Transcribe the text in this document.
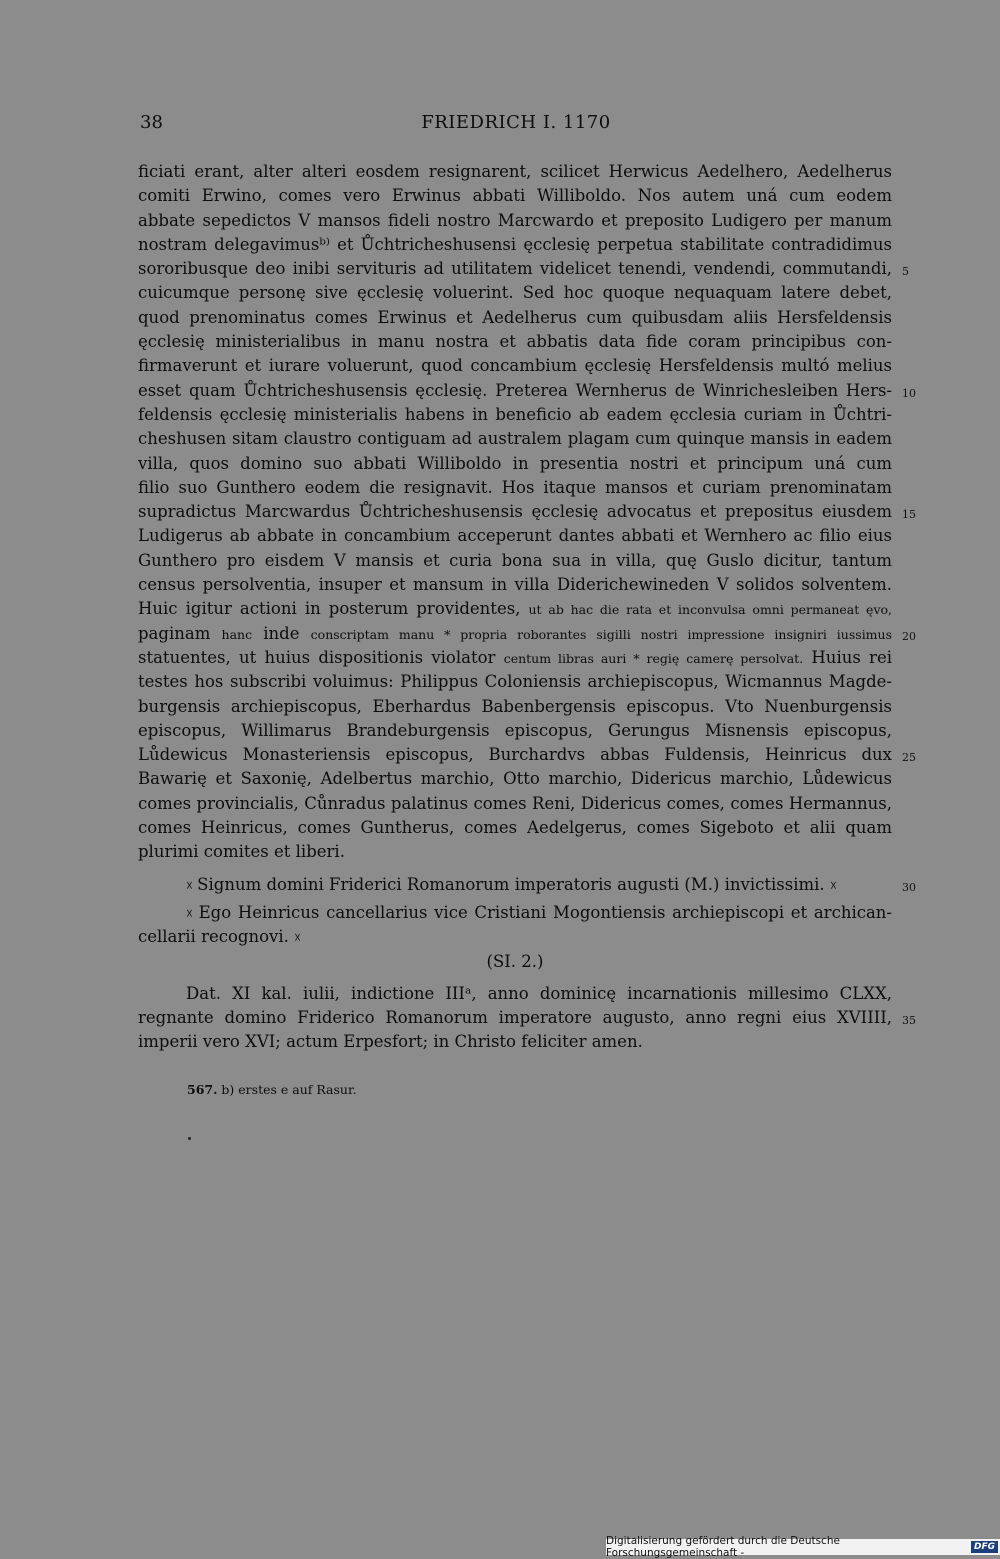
38	FRIEDRICH I. 1170
ficiati erant, alter alteri eosdem resignarent, scilicet Herwicus Aedelhero, Aedelherus
comiti Erwino, comes vero Erwinus abbati Williboldo. Nos autem uná cum eodem
abbate sepedictos V mansos fideli nostro Marcwardo et preposito Ludigero per manum
nostram delegavimusᵇ⁾ et Ůchtricheshusensi ęcclesię perpetua stabilitate contradidimus
sororibusque deo inibi servituris ad utilitatem videlicet tenendi, vendendi, commutandi, 5
cuicumque personę sive ęcclesię voluerint. Sed hoc quoque nequaquam latere debet,
quod prenominatus comes Erwinus et Aedelherus cum quibusdam aliis Hersfeldensis
ęcclesię ministerialibus in manu nostra et abbatis data fide coram principibus con-
firmaverunt et iurare voluerunt, quod concambium ęcclesię Hersfeldensis multó melius
esset quam Ůchtricheshusensis ęcclesię. Preterea Wernherus de Winrichesleiben Hers- 10
feldensis ęcclesię ministerialis habens in beneficio ab eadem ęcclesia curiam in Ůchtri-
cheshusen sitam claustro contiguam ad australem plagam cum quinque mansis in eadem
villa, quos domino suo abbati Williboldo in presentia nostri et principum uná cum
filio suo Gunthero eodem die resignavit. Hos itaque mansos et curiam prenominatam
supradictus Marcwardus Ůchtricheshusensis ęcclesię advocatus et prepositus eiusdem 15
Ludigerus ab abbate in concambium acceperunt dantes abbati et Wernhero ac filio eius
Gunthero pro eisdem V mansis et curia bona sua in villa, quę Guslo dicitur, tantum
census persolventia, insuper et mansum in villa Diderichewineden V solidos solventem.
Huic igitur actioni in posterum providentes, ut ab hac die rata et inconvulsa omni permaneat ęvo,
paginam hanc inde conscriptam manu * propria roborantes sigilli nostri impressione insigniri iussimus 20
statuentes, ut huius dispositionis violator centum libras auri * regię camerę persolvat. Huius rei
testes hos subscribi voluimus: Philippus Coloniensis archiepiscopus, Wicmannus Magde-
burgensis archiepiscopus, Eberhardus Babenbergensis episcopus. Vto Nuenburgensis
episcopus, Willimarus Brandeburgensis episcopus, Gerungus Misnensis episcopus,
Lůdewicus Monasteriensis episcopus, Burchardvs abbas Fuldensis, Heinricus dux 25
Bawarię et Saxonię, Adelbertus marchio, Otto marchio, Didericus marchio, Lůdewicus
comes provincialis, Cůnradus palatinus comes Reni, Didericus comes, comes Hermannus,
comes Heinricus, comes Guntherus, comes Aedelgerus, comes Sigeboto et alii quam
plurimi comites et liberi.
☓ Signum domini Friderici Romanorum imperatoris augusti (M.) invictissimi. ☓	30
☓ Ego Heinricus cancellarius vice Cristiani Mogontiensis archiepiscopi et archican-
cellarii recognovi. ☓
(SI. 2.)
Dat. XI kal. iulii, indictione IIIᵃ, anno dominicę incarnationis millesimo CLXX,
regnante domino Friderico Romanorum imperatore augusto, anno regni eius XVIIII, 35
imperii vero XVI; actum Erpesfort; in Christo feliciter amen.
567. b) erstes e auf Rasur.
Digitalisierung gefördert durch die Deutsche Forschungsgemeinschaft -	DFG
